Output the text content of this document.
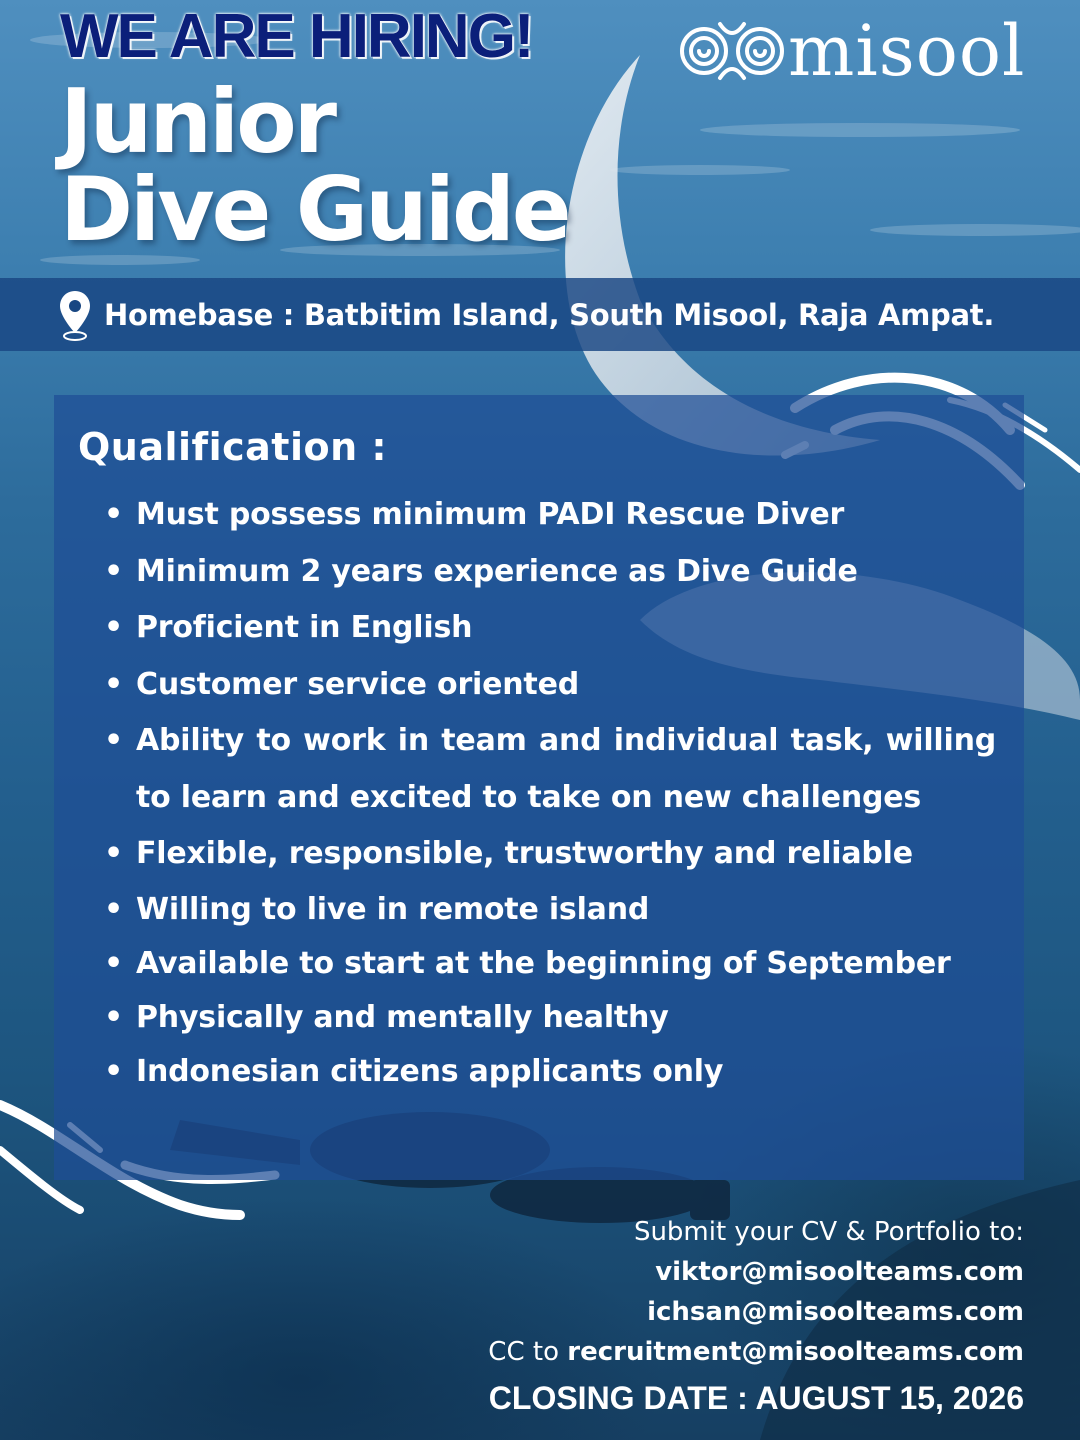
WE ARE HIRING!
Junior
Dive Guide
misool
Homebase : Batbitim Island, South Misool, Raja Ampat.
Qualification :
• Must possess minimum PADI Rescue Diver
• Minimum 2 years experience as Dive Guide
• Proficient in English
• Customer service oriented
• Ability to work in team and individual task, willing to learn and excited to take on new challenges
• Flexible, responsible, trustworthy and reliable
• Willing to live in remote island
• Available to start at the beginning of September
• Physically and mentally healthy
• Indonesian citizens applicants only
Submit your CV & Portfolio to:
viktor@misoolteams.com
ichsan@misoolteams.com
CC to recruitment@misoolteams.com
CLOSING DATE : AUGUST 15, 2026
